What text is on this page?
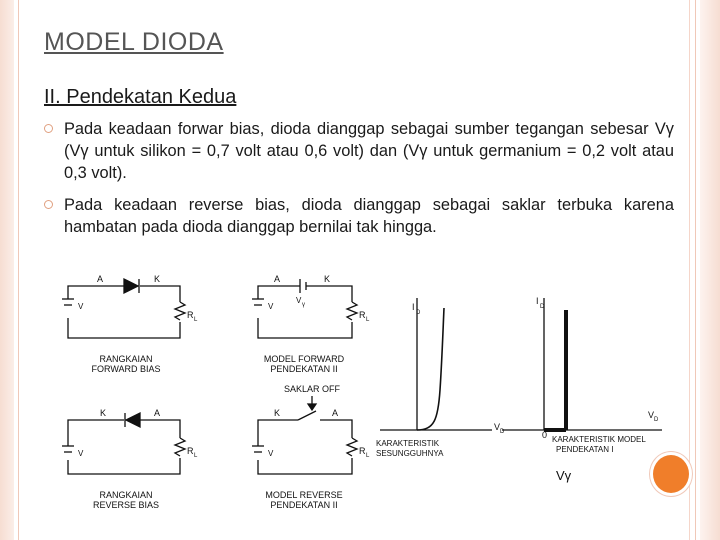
MODEL DIODA
II. Pendekatan Kedua
Pada keadaan forwar bias, dioda dianggap sebagai sumber tegangan sebesar Vγ (Vγ untuk silikon = 0,7 volt atau 0,6 volt) dan (Vγ untuk germanium = 0,2 volt atau 0,3 volt).
Pada keadaan reverse bias, dioda dianggap sebagai saklar terbuka karena hambatan pada dioda dianggap bernilai tak hingga.
A	K
V
R L
RANGKAIAN
FORWARD BIAS
A	K
V γ
V
R L
MODEL FORWARD
PENDEKATAN II
K	A
V	R L
RANGKAIAN
REVERSE BIAS
SAKLAR OFF
K	A
V	R L
MODEL REVERSE
PENDEKATAN II
I
D
V D
KARAKTERISTIK
SESUNGGUHNYA
I
D
V D
0 KARAKTERISTIK MODEL
PENDEKATAN I
Vγ
